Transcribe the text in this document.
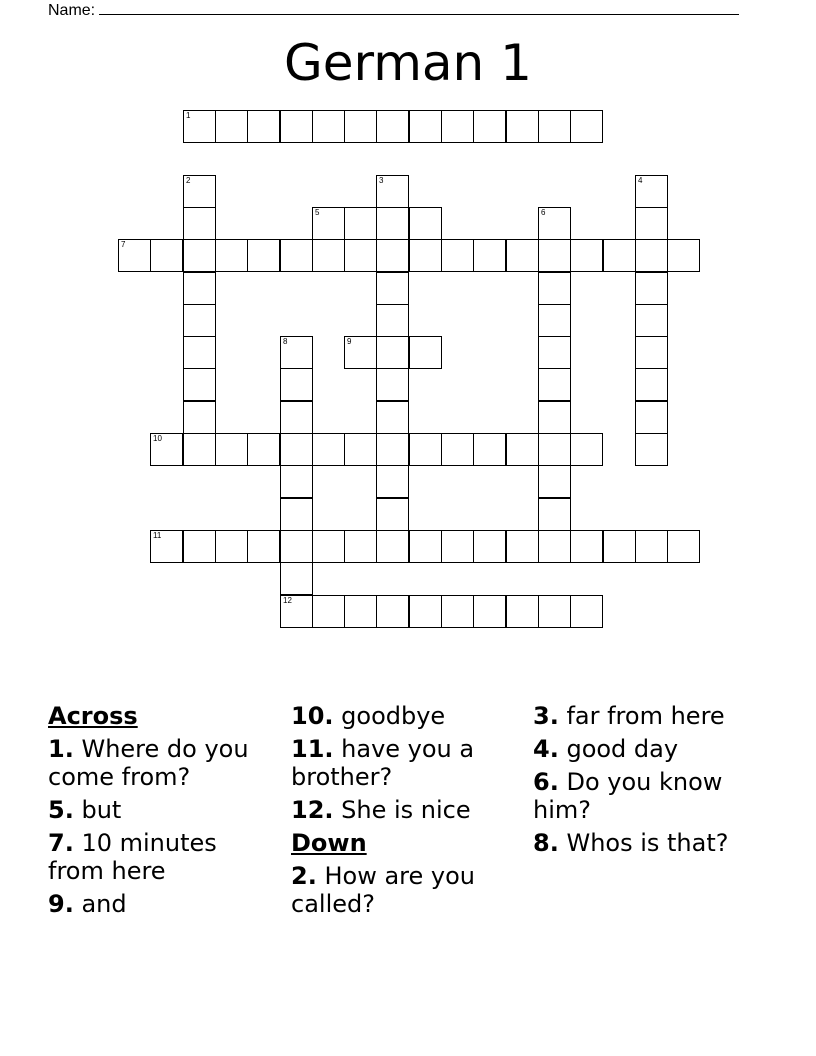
Name:
German 1
1
2	3	4
5	6
7
8
12
9
10
11
Across
1. Where do you come from?
5. but
7. 10 minutes from here
9. and
10. goodbye
11. have you a brother?
12. She is nice
Down
2. How are you called?
3. far from here
4. good day
6. Do you know him?
8. Whos is that?
